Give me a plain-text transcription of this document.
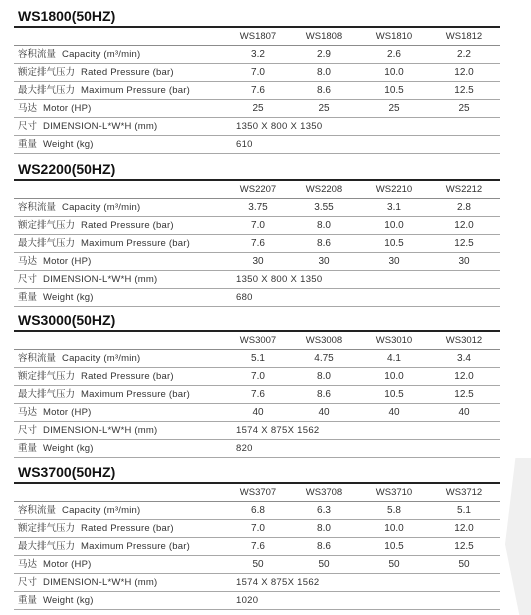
WS1800(50HZ)
WS1807	WS1808	WS1810	WS1812
容积流量 Capacity (m³/min)	3.2	2.9	2.6	2.2
额定排气压力 Rated Pressure (bar)	7.0	8.0	10.0	12.0
最大排气压力 Maximum Pressure (bar)	7.6	8.6	10.5	12.5
马达 Motor (HP)	25	25	25	25
尺寸 DIMENSION-L*W*H (mm)	1350 X 800 X 1350
重量 Weight (kg)	610
WS2200(50HZ)
WS2207	WS2208	WS2210	WS2212
容积流量 Capacity (m³/min)	3.75	3.55	3.1	2.8
额定排气压力 Rated Pressure (bar)	7.0	8.0	10.0	12.0
最大排气压力 Maximum Pressure (bar)	7.6	8.6	10.5	12.5
马达 Motor (HP)	30	30	30	30
尺寸 DIMENSION-L*W*H (mm)	1350 X 800 X 1350
重量 Weight (kg)	680
WS3000(50HZ)
WS3007	WS3008	WS3010	WS3012
容积流量 Capacity (m³/min)	5.1	4.75	4.1	3.4
额定排气压力 Rated Pressure (bar)	7.0	8.0	10.0	12.0
最大排气压力 Maximum Pressure (bar)	7.6	8.6	10.5	12.5
马达 Motor (HP)	40	40	40	40
尺寸 DIMENSION-L*W*H (mm)	1574 X 875X 1562
重量 Weight (kg)	820
WS3700(50HZ)
WS3707	WS3708	WS3710	WS3712
容积流量 Capacity (m³/min)	6.8	6.3	5.8	5.1
额定排气压力 Rated Pressure (bar)	7.0	8.0	10.0	12.0
最大排气压力 Maximum Pressure (bar)	7.6	8.6	10.5	12.5
马达 Motor (HP)	50	50	50	50
尺寸 DIMENSION-L*W*H (mm)	1574 X 875X 1562
重量 Weight (kg)	1020
